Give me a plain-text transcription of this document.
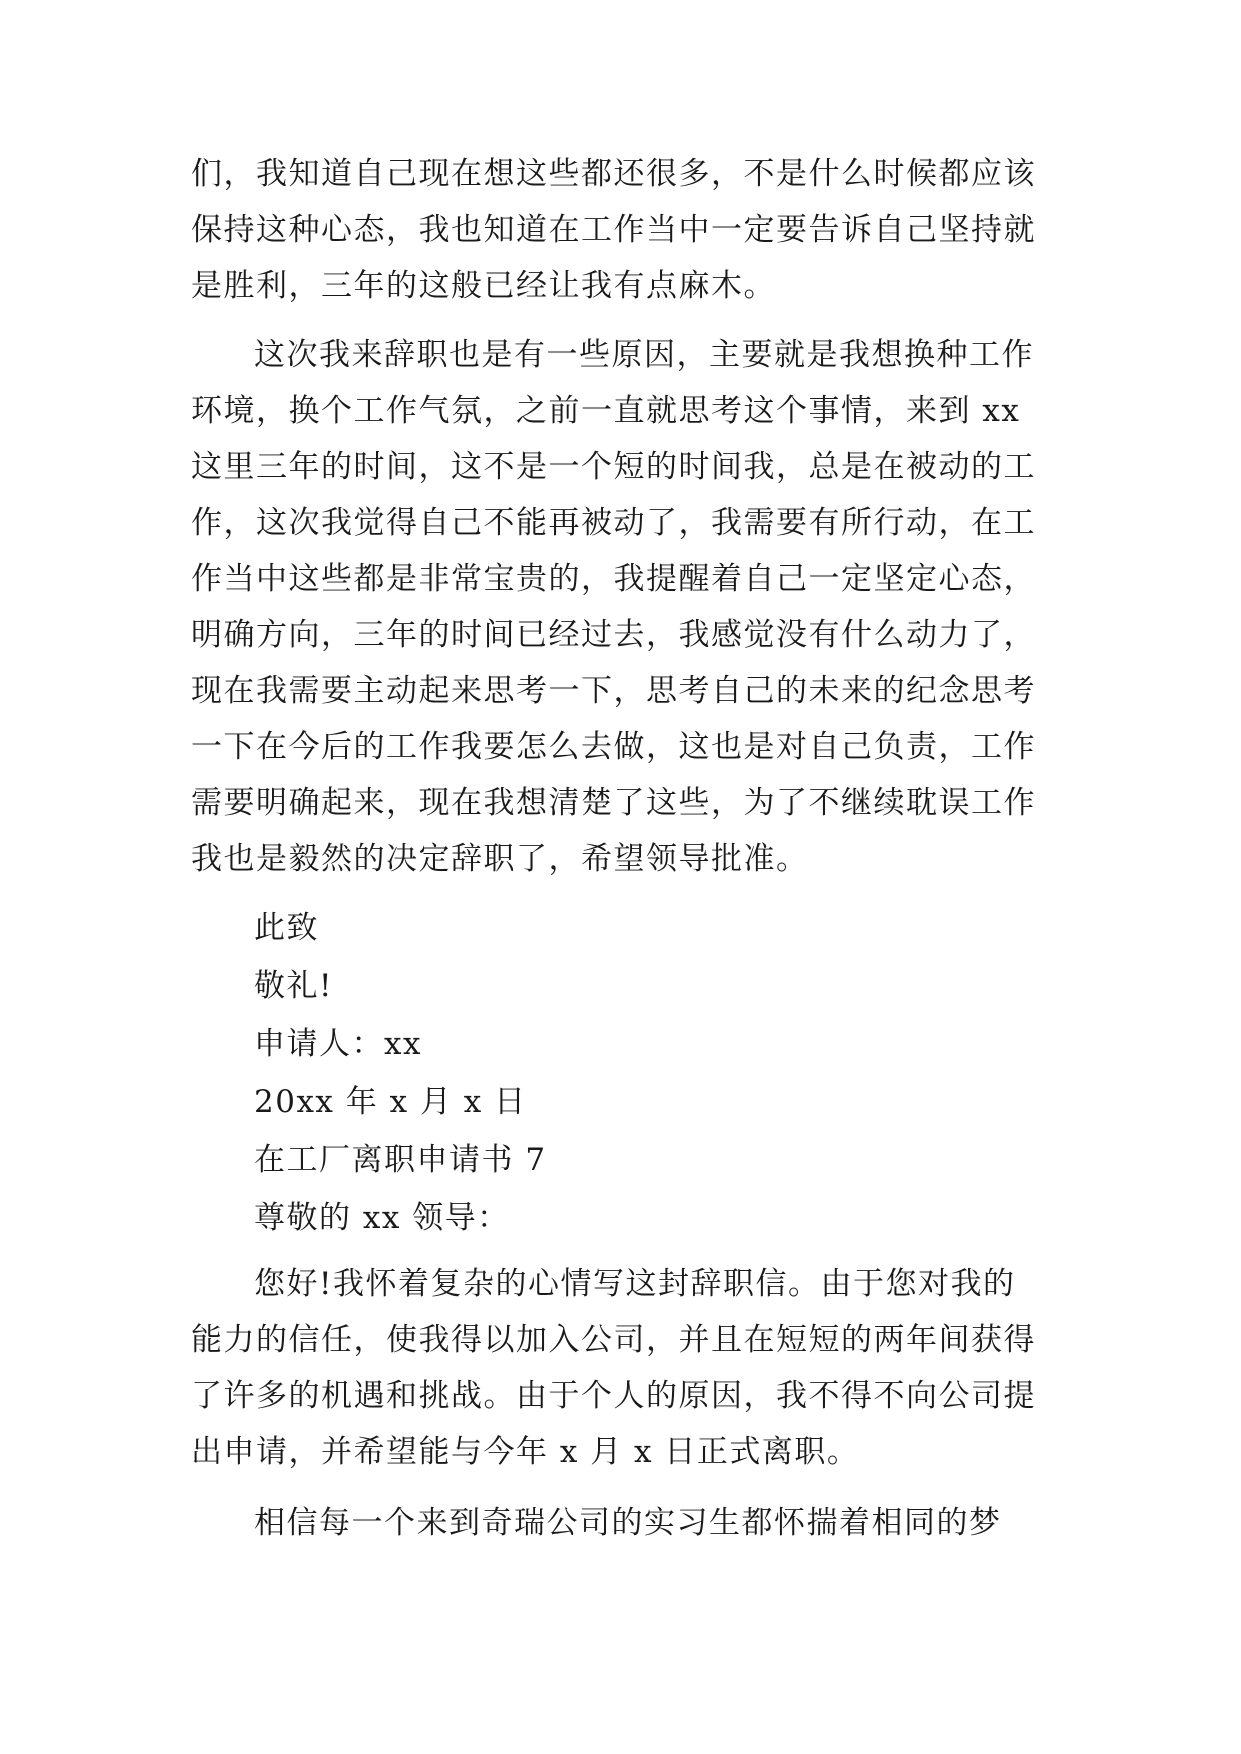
们，我知道自己现在想这些都还很多，不是什么时候都应该
保持这种心态，我也知道在工作当中一定要告诉自己坚持就
是胜利，三年的这般已经让我有点麻木。
这次我来辞职也是有一些原因，主要就是我想换种工作
环境，换个工作气氛，之前一直就思考这个事情，来到 xx
这里三年的时间，这不是一个短的时间我，总是在被动的工
作，这次我觉得自己不能再被动了，我需要有所行动，在工
作当中这些都是非常宝贵的，我提醒着自己一定坚定心态，
明确方向，三年的时间已经过去，我感觉没有什么动力了，
现在我需要主动起来思考一下，思考自己的未来的纪念思考
一下在今后的工作我要怎么去做，这也是对自己负责，工作
需要明确起来，现在我想清楚了这些，为了不继续耽误工作
我也是毅然的决定辞职了，希望领导批准。
此致
敬礼!
申请人：xx
20xx 年 x 月 x 日
在工厂离职申请书 7
尊敬的 xx 领导：
您好!我怀着复杂的心情写这封辞职信。由于您对我的
能力的信任，使我得以加入公司，并且在短短的两年间获得
了许多的机遇和挑战。由于个人的原因，我不得不向公司提
出申请，并希望能与今年 x 月 x 日正式离职。
相信每一个来到奇瑞公司的实习生都怀揣着相同的梦
